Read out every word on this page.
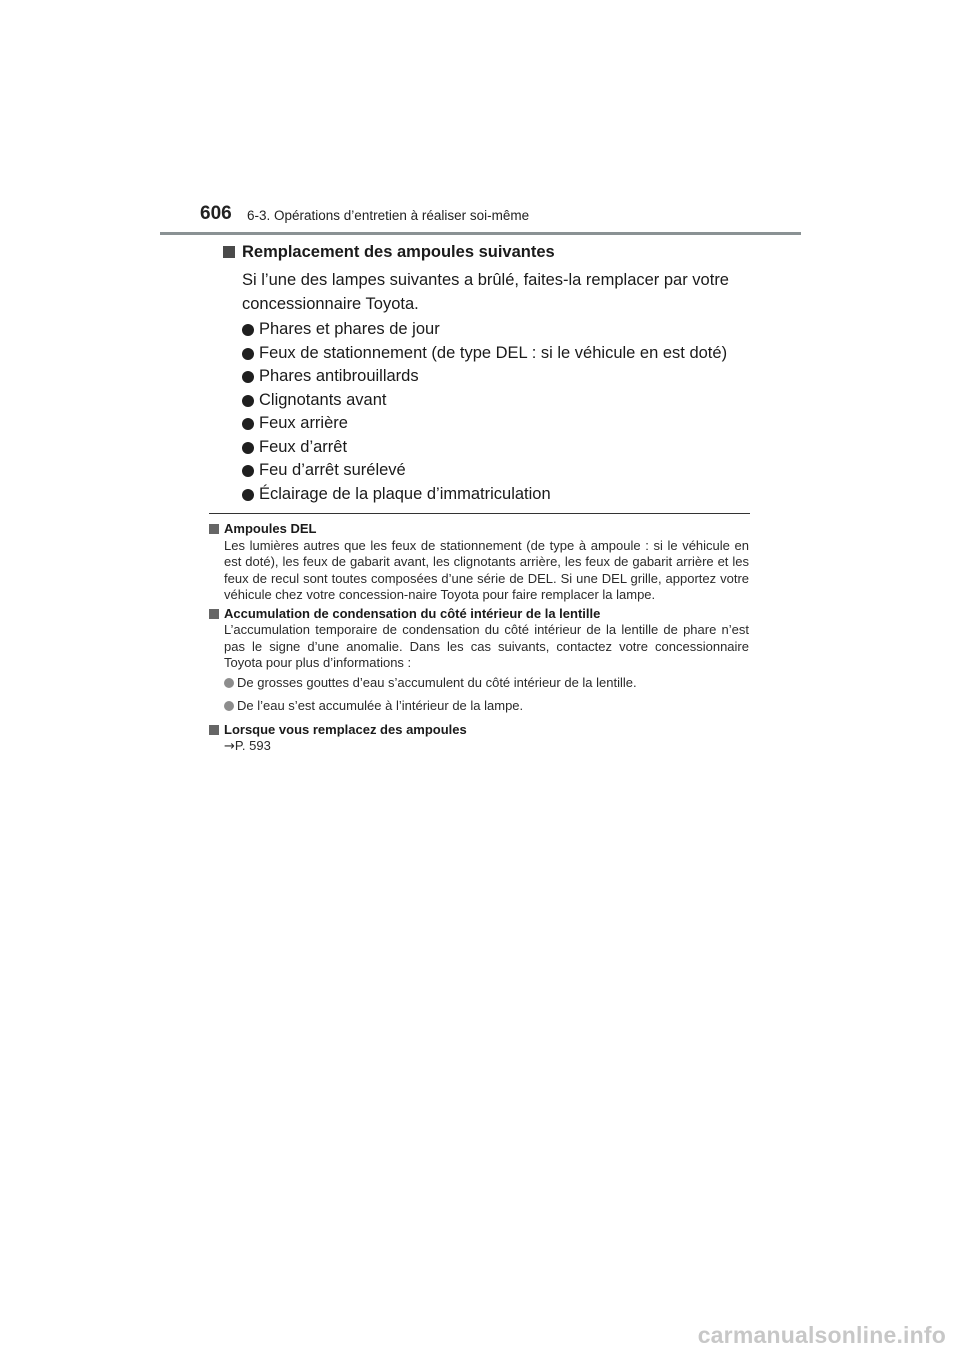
606 6-3. Opérations d’entretien à réaliser soi-même
Remplacement des ampoules suivantes
Si l’une des lampes suivantes a brûlé, faites-la remplacer par votre concessionnaire Toyota.
Phares et phares de jour
Feux de stationnement (de type DEL : si le véhicule en est doté)
Phares antibrouillards
Clignotants avant
Feux arrière
Feux d’arrêt
Feu d’arrêt surélevé
Éclairage de la plaque d’immatriculation
Ampoules DEL
Les lumières autres que les feux de stationnement (de type à ampoule : si le véhicule en est doté), les feux de gabarit avant, les clignotants arrière, les feux de gabarit arrière et les feux de recul sont toutes composées d’une série de DEL. Si une DEL grille, apportez votre véhicule chez votre concession-naire Toyota pour faire remplacer la lampe.
Accumulation de condensation du côté intérieur de la lentille
L’accumulation temporaire de condensation du côté intérieur de la lentille de phare n’est pas le signe d’une anomalie. Dans les cas suivants, contactez votre concessionnaire Toyota pour plus d’informations :
De grosses gouttes d’eau s’accumulent du côté intérieur de la lentille.
De l’eau s’est accumulée à l’intérieur de la lampe.
Lorsque vous remplacez des ampoules
→P. 593
carmanualsonline.info
